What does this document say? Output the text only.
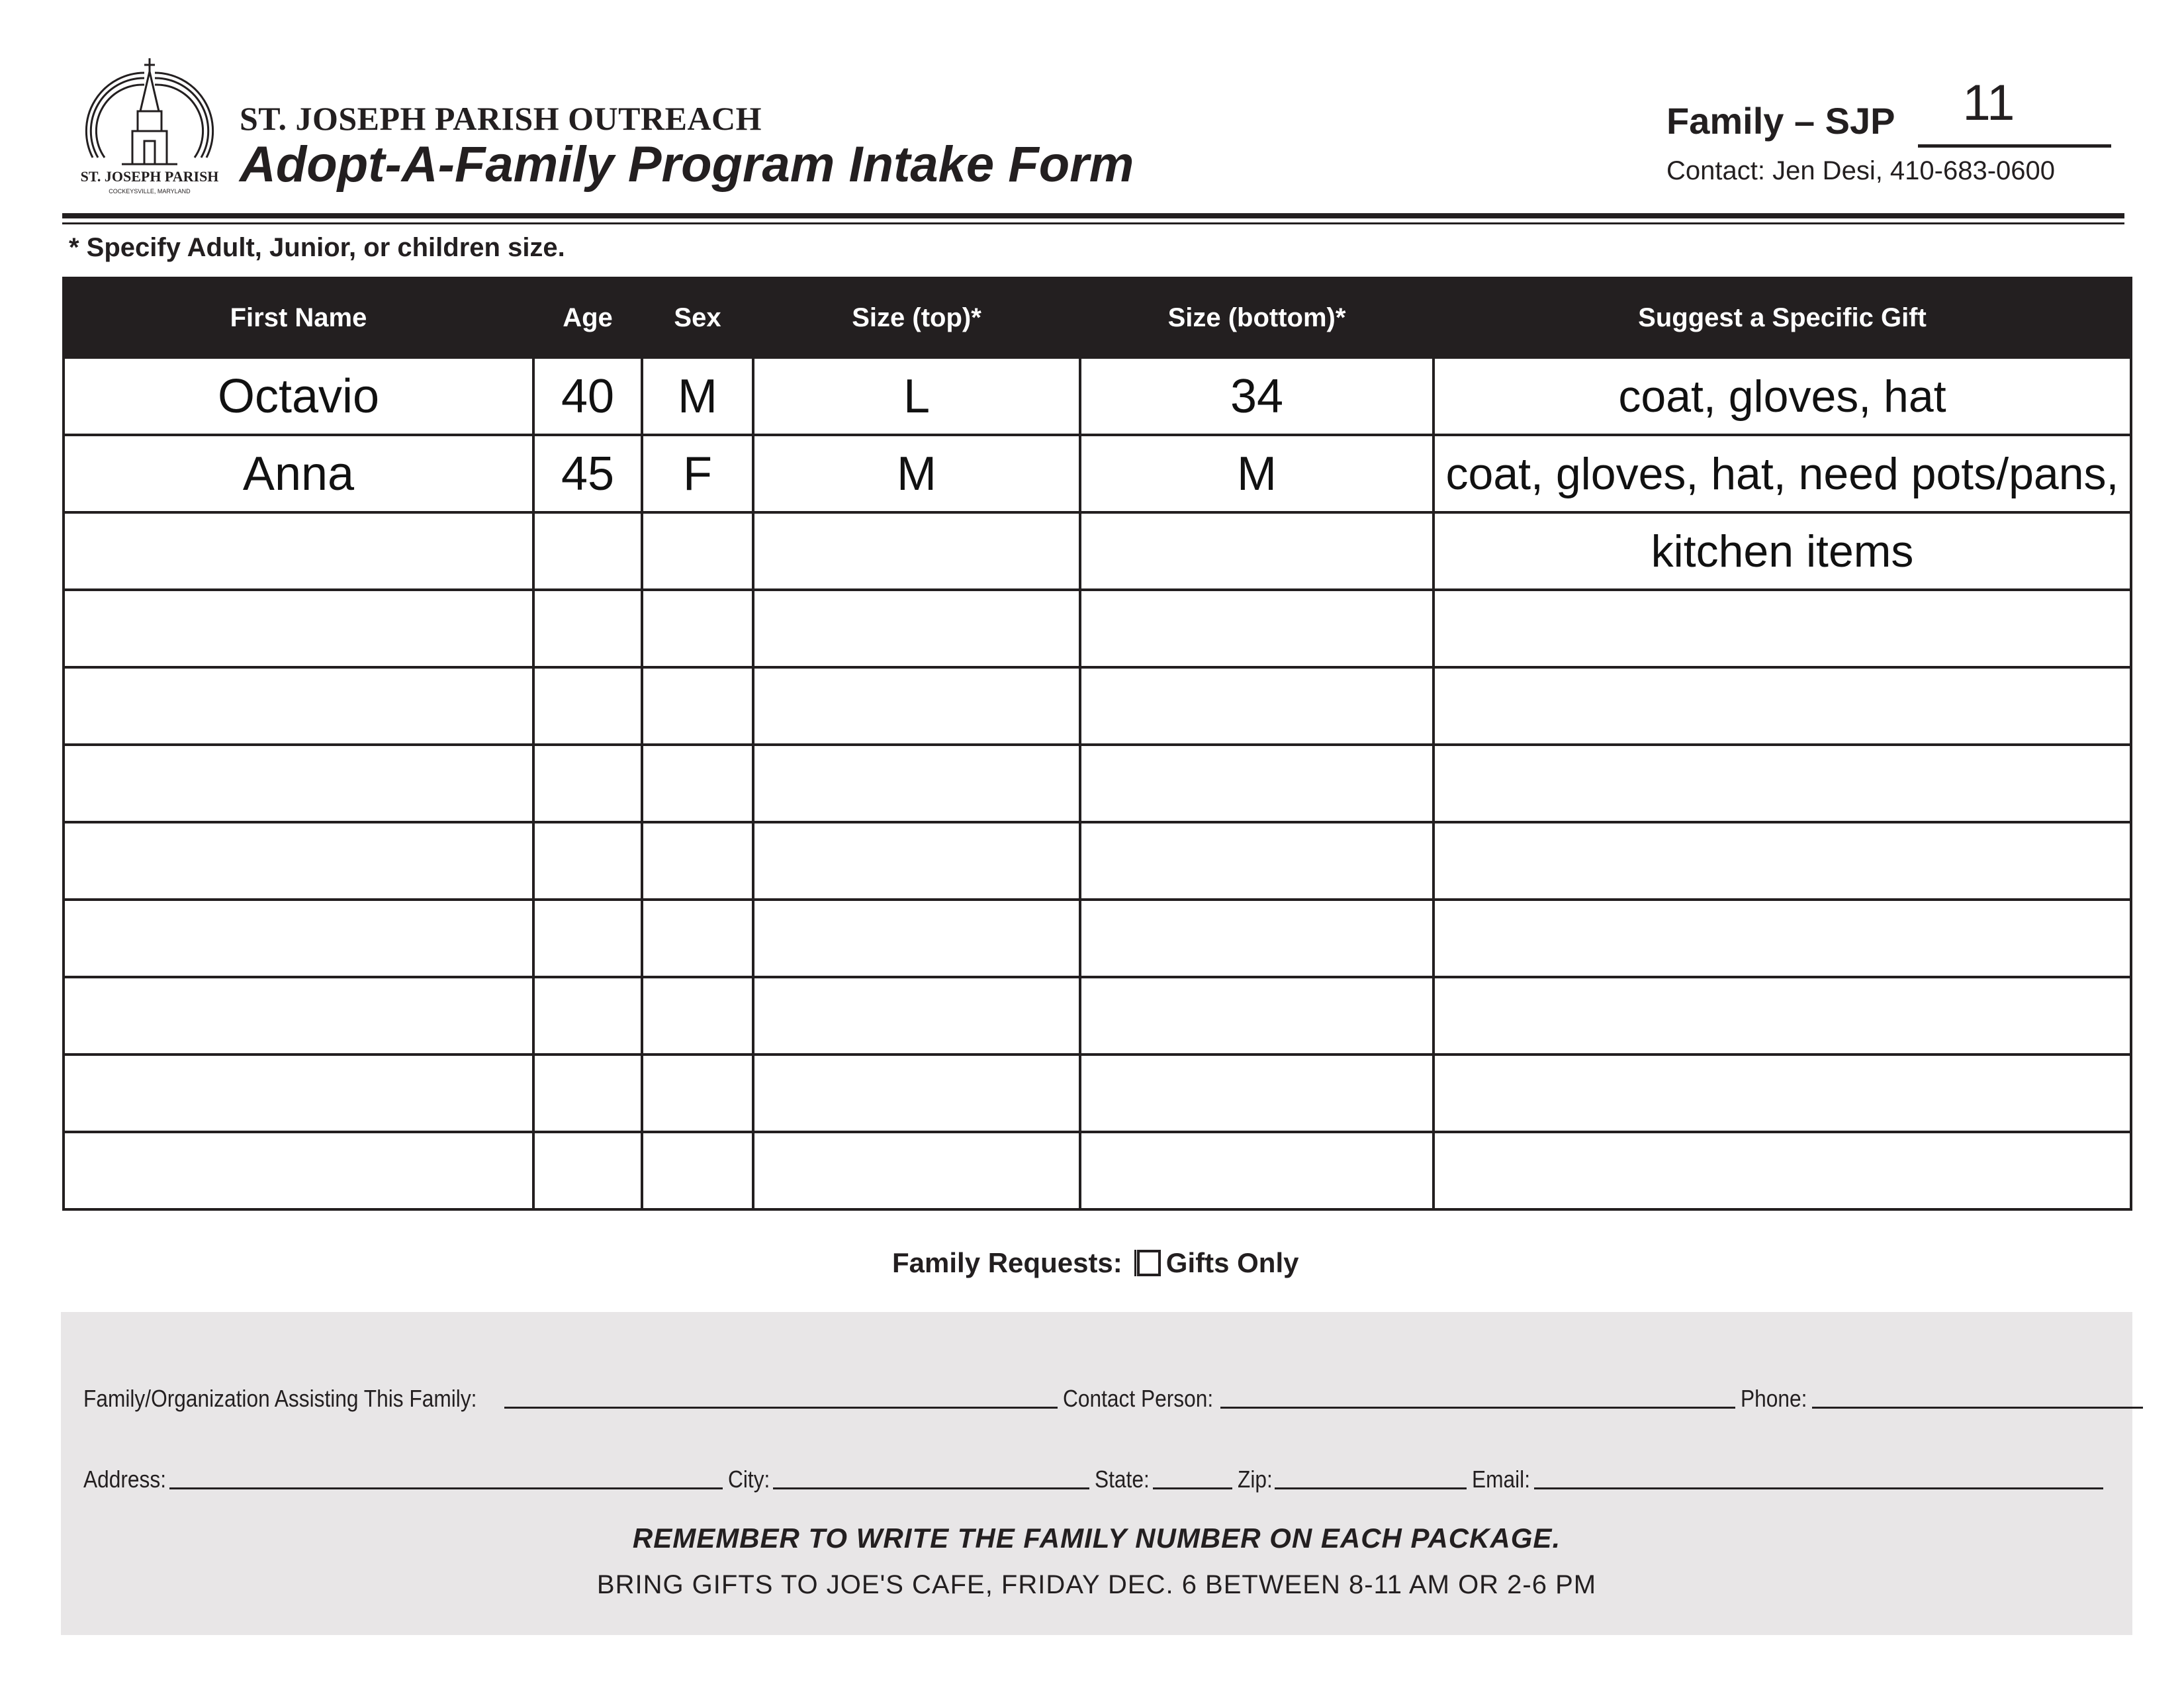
ST. JOSEPH PARISH
COCKEYSVILLE, MARYLAND
ST. JOSEPH PARISH OUTREACH
Adopt-A-Family Program Intake Form
Family – SJP	11
Contact: Jen Desi, 410-683-0600
* Specify Adult, Junior, or children size.
First Name	Age	Sex	Size (top)*	Size (bottom)*	Suggest a Specific Gift
Octavio	40	M	L	34	coat, gloves, hat
Anna	45	F	M	M	coat, gloves, hat, need pots/pans,
					kitchen items

Family Requests: Gifts Only
Family/Organization Assisting This Family:	Contact Person:	Phone:
Address:	City:	State:	Zip:	Email:
REMEMBER TO WRITE THE FAMILY NUMBER ON EACH PACKAGE.
BRING GIFTS TO JOE'S CAFE, FRIDAY DEC. 6 BETWEEN 8-11 AM OR 2-6 PM
